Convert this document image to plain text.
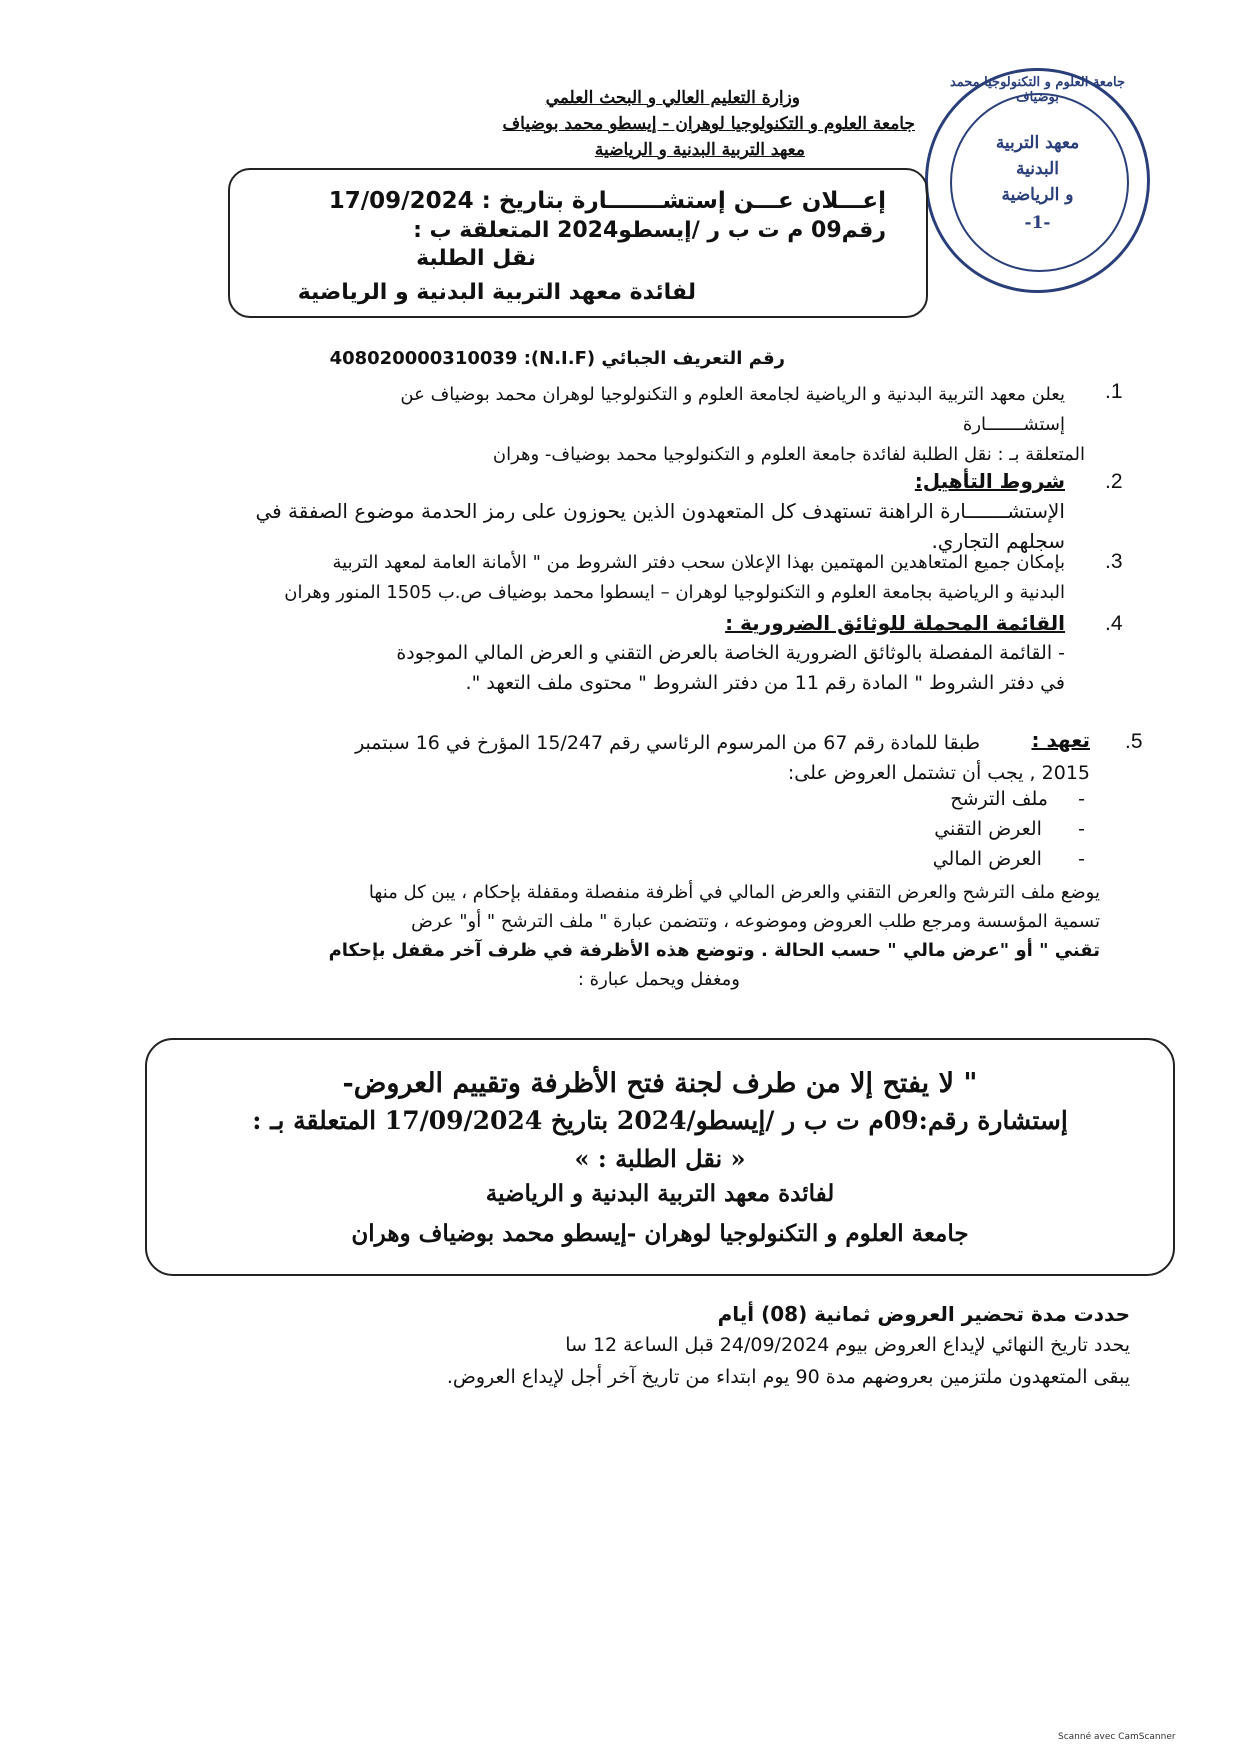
وزارة التعليم العالي و البحث العلمي
جامعة العلوم و التكنولوجيا لوهران - إيسطو محمد بوضياف
معهد التربية البدنية و الرياضية
جامعة العلوم و التكنولوجيا محمد بوضياف
معهد التربية
البدنية
و الرياضية
-1-
إعـــلان عـــن إستشـــــــارة بتاريخ : 17/09/2024
رقم09 م ت ب ر /إيسطو2024 المتعلقة ب :
نقل الطلبة
لفائدة معهد التربية البدنية و الرياضية
رقم التعريف الجبائي (N.I.F): 408020000310039
.1
يعلن معهد التربية البدنية و الرياضية لجامعة العلوم و التكنولوجيا لوهران محمد بوضياف عن
إستشـــــــارة
المتعلقة بـ : نقل الطلبة لفائدة جامعة العلوم و التكنولوجيا محمد بوضياف- وهران
.2
شروط التأهيل:
الإستشـــــــارة الراهنة تستهدف كل المتعهدون الذين يحوزون على رمز الحدمة موضوع الصفقة في
سجلهم التجاري.
.3
بإمكان جميع المتعاهدين المهتمين بهذا الإعلان سحب دفتر الشروط من " الأمانة العامة لمعهد التربية
البدنية و الرياضية بجامعة العلوم و التكنولوجيا لوهران – ايسطوا محمد بوضياف ص.ب 1505 المنور وهران
.4
القائمة المحملة للوثائق الضرورية :
- القائمة المفصلة بالوثائق الضرورية الخاصة بالعرض التقني و العرض المالي الموجودة
في دفتر الشروط " المادة رقم 11 من دفتر الشروط " محتوى ملف التعهد ".
.5
تعهد :
طبقا للمادة رقم 67 من المرسوم الرئاسي رقم 15/247 المؤرخ في 16 سبتمبر
2015 , يجب أن تشتمل العروض على:
-     ملف الترشح
-      العرض التقني
-      العرض المالي
يوضع ملف الترشح والعرض التقني والعرض المالي في أظرفة منفصلة ومقفلة بإحكام ، يبن كل منها
تسمية المؤسسة ومرجع طلب العروض وموضوعه ، وتتضمن عبارة " ملف الترشح " أو" عرض
تقني " أو "عرض مالي " حسب الحالة . وتوضع هذه الأظرفة في ظرف آخر مقفل بإحكام
ومغفل ويحمل عبارة :
" لا يفتح إلا من طرف لجنة فتح الأظرفة وتقييم العروض-
إستشارة رقم:09م ت ب ر /إيسطو/2024 بتاريخ 17/09/2024 المتعلقة بـ :
« نقل الطلبة : »
لفائدة معهد التربية البدنية و الرياضية
جامعة العلوم و التكنولوجيا لوهران -إيسطو محمد بوضياف وهران
حددت مدة تحضير العروض ثمانية (08) أيام
يحدد تاريخ النهائي لإيداع العروض بيوم 24/09/2024 قبل الساعة 12 سا
يبقى المتعهدون ملتزمين بعروضهم مدة 90 يوم ابتداء من تاريخ آخر أجل لإيداع العروض.
Scanné avec CamScanner
